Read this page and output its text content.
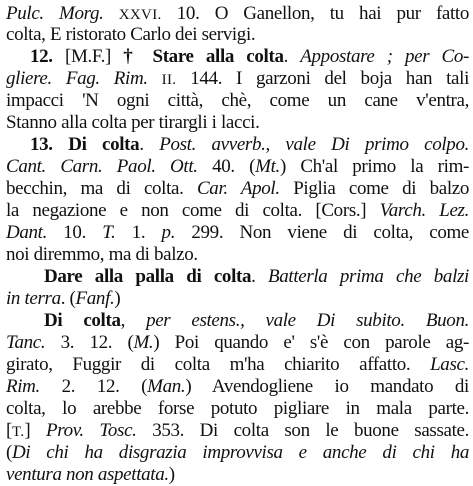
Pulc. Morg. XXVI. 10. O Ganellon, tu hai pur fatto
colta, E ristorato Carlo dei servigi.
12. [M.F.] † Stare alla colta. Appostare ; per Co-
gliere. Fag. Rim. II. 144. I garzoni del boja han tali
impacci 'N ogni città, chè, come un cane v'entra,
Stanno alla colta per tirargli i lacci.
13. Di colta. Post. avverb., vale Di primo colpo.
Cant. Carn. Paol. Ott. 40. (Mt.) Ch'al primo la rim-
becchin, ma di colta. Car. Apol. Piglia come di balzo
la negazione e non come di colta. [Cors.] Varch. Lez.
Dant. 10. T. 1. p. 299. Non viene di colta, come
noi diremmo, ma di balzo.
Dare alla palla di colta. Batterla prima che balzi
in terra. (Fanf.)
Di colta, per estens., vale Di subito. Buon.
Tanc. 3. 12. (M.) Poi quando e' s'è con parole ag-
girato, Fuggir di colta m'ha chiarito affatto. Lasc.
Rim. 2. 12. (Man.) Avendogliene io mandato di
colta, lo arebbe forse potuto pigliare in mala parte.
[T.] Prov. Tosc. 353. Di colta son le buone sassate.
(Di chi ha disgrazia improvvisa e anche di chi ha
ventura non aspettata.)
